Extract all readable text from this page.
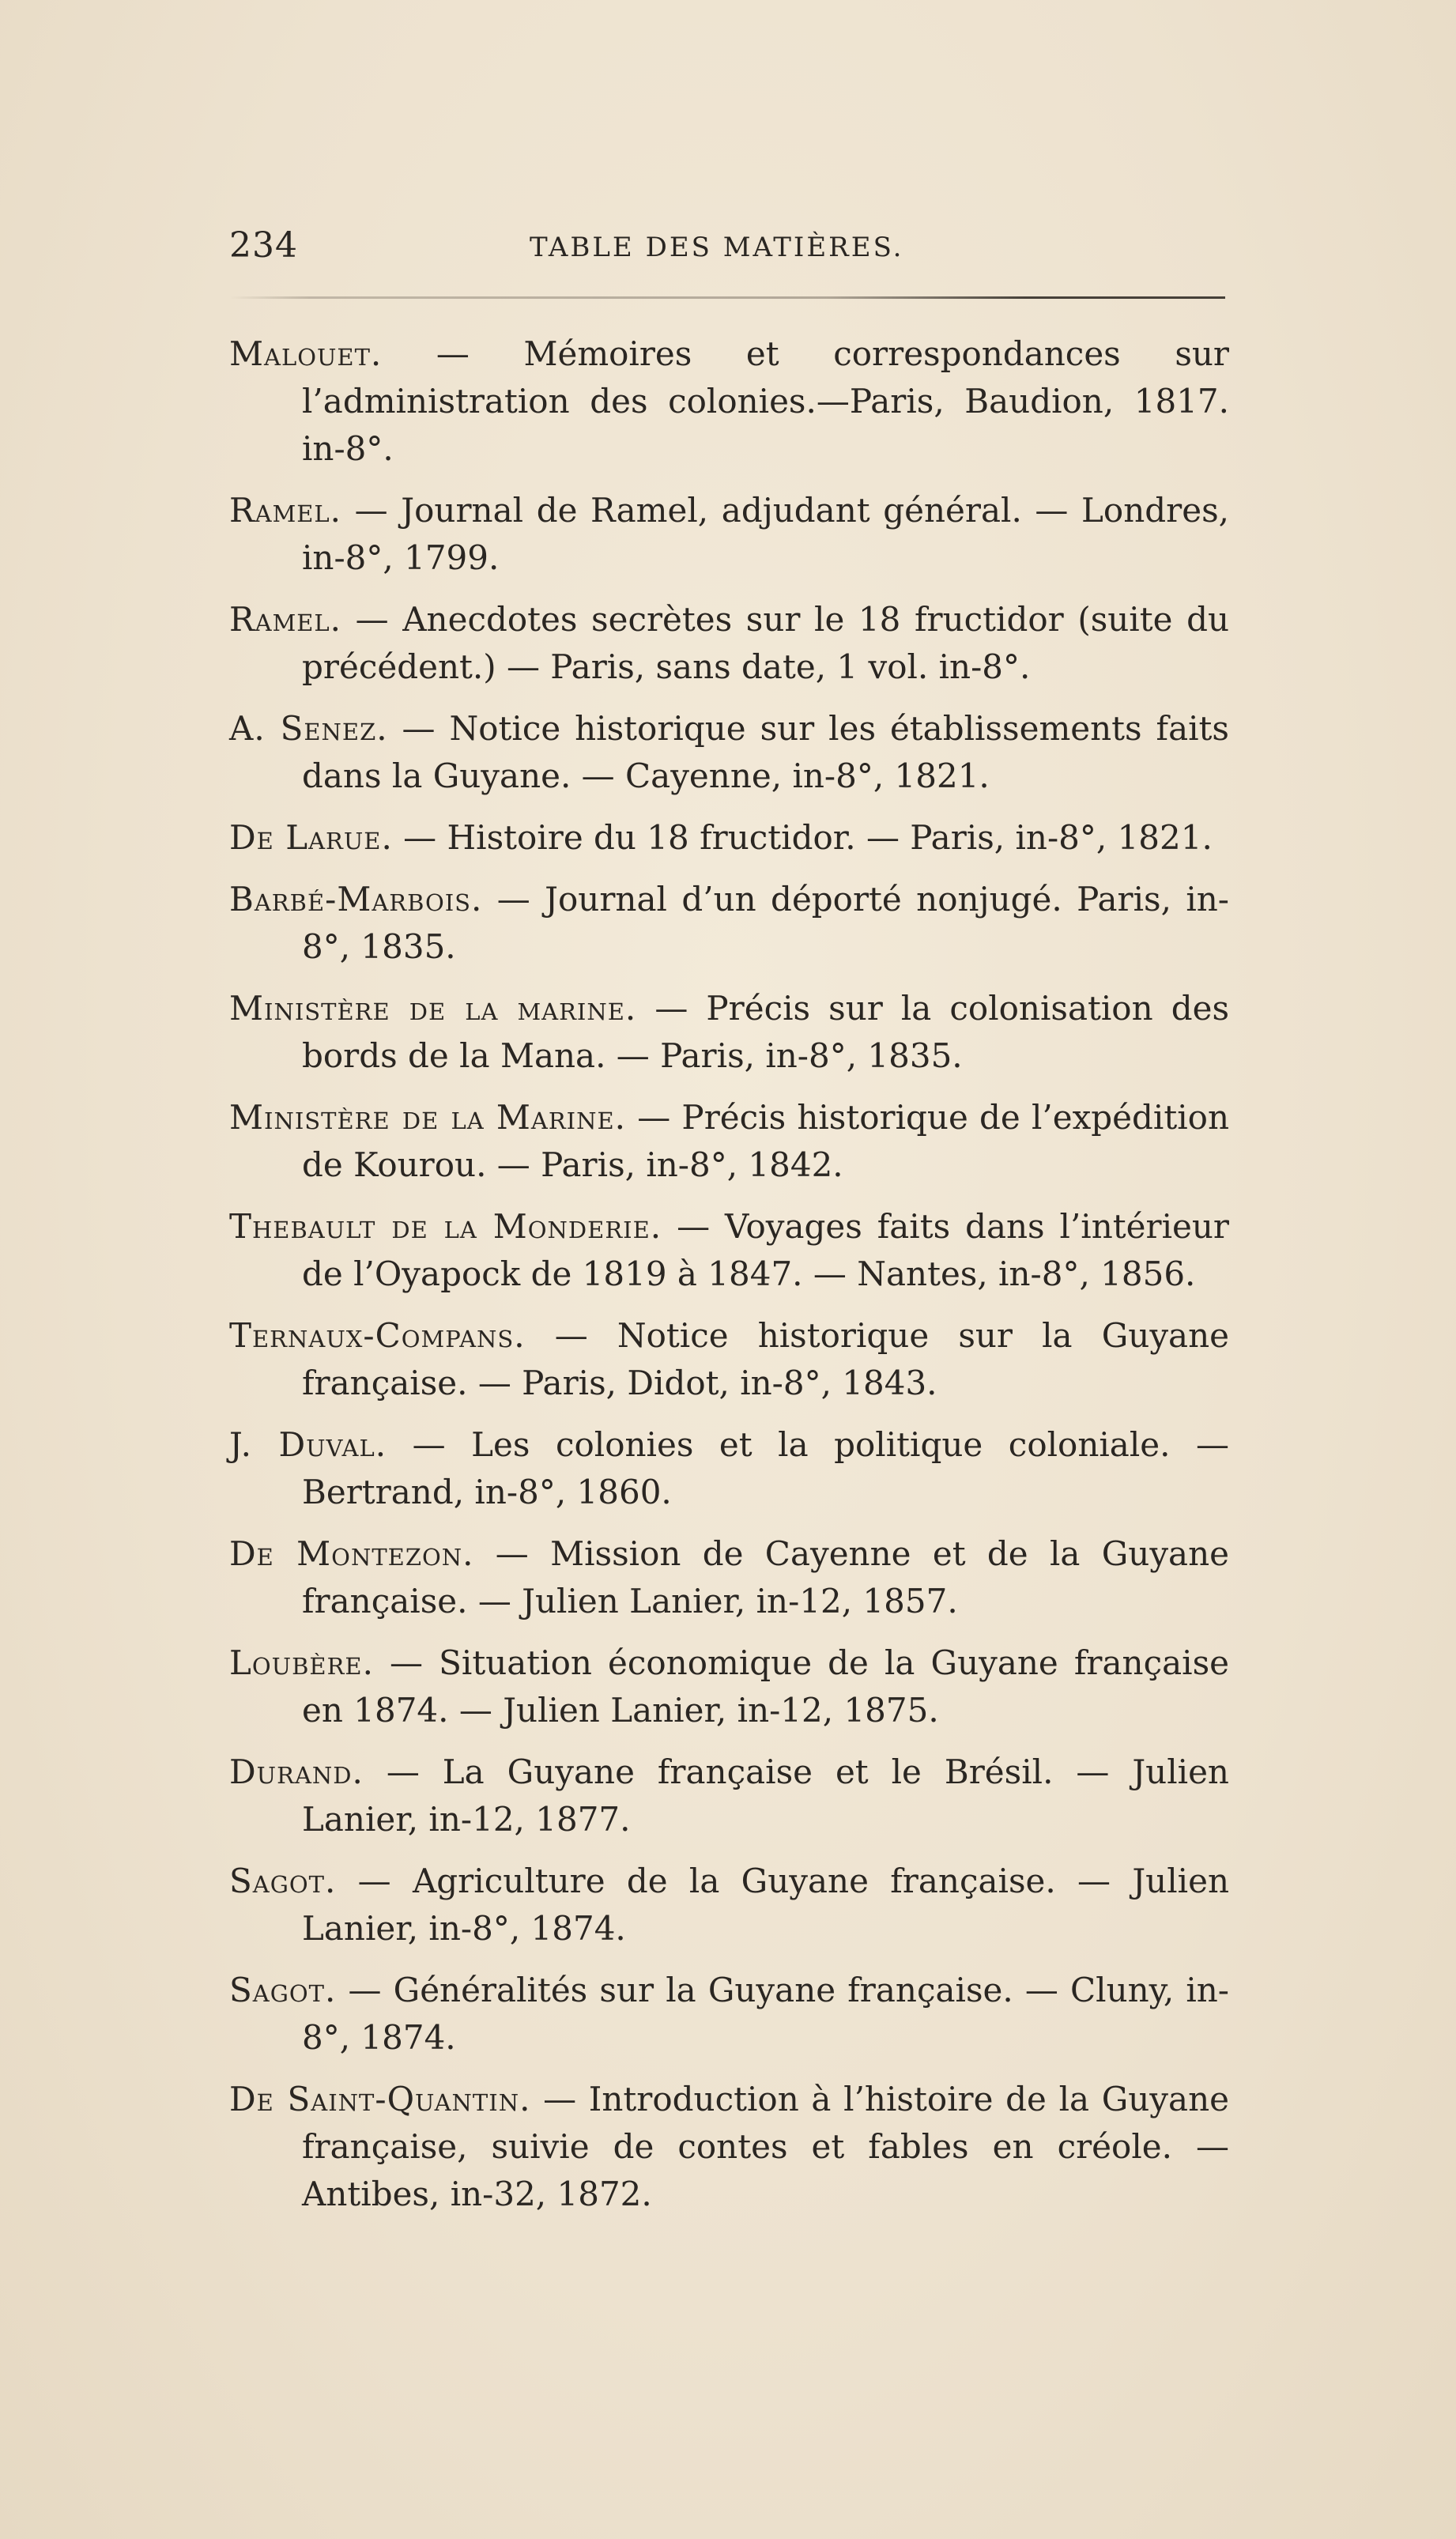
234	TABLE DES MATIÈRES.

Malouet. — Mémoires et correspondances sur l’administration des colonies.—Paris, Baudion, 1817. in-8°.

Ramel. — Journal de Ramel, adjudant général. — Londres, in-8°, 1799.

Ramel. — Anecdotes secrètes sur le 18 fructidor (suite du précédent.) — Paris, sans date, 1 vol. in-8°.

A. Senez. — Notice historique sur les établissements faits dans la Guyane. — Cayenne, in-8°, 1821.

De Larue. — Histoire du 18 fructidor. — Paris, in-8°, 1821.

Barbé-Marbois. — Journal d’un déporté nonjugé. Paris, in-8°, 1835.

Ministère de la marine. — Précis sur la colonisation des bords de la Mana. — Paris, in-8°, 1835.

Ministère de la Marine. — Précis historique de l’expédition de Kourou. — Paris, in-8°, 1842.

Thebault de la Monderie. — Voyages faits dans l’intérieur de l’Oyapock de 1819 à 1847. — Nantes, in-8°, 1856.

Ternaux-Compans. — Notice historique sur la Guyane française. — Paris, Didot, in-8°, 1843.

J. Duval. — Les colonies et la politique coloniale. — Bertrand, in-8°, 1860.

De Montezon. — Mission de Cayenne et de la Guyane française. — Julien Lanier, in-12, 1857.

Loubère. — Situation économique de la Guyane française en 1874. — Julien Lanier, in-12, 1875.

Durand. — La Guyane française et le Brésil. — Julien Lanier, in-12, 1877.

Sagot. — Agriculture de la Guyane française. — Julien Lanier, in-8°, 1874.

Sagot. — Généralités sur la Guyane française. — Cluny, in-8°, 1874.

De Saint-Quantin. — Introduction à l’histoire de la Guyane française, suivie de contes et fables en créole. — Antibes, in-32, 1872.
